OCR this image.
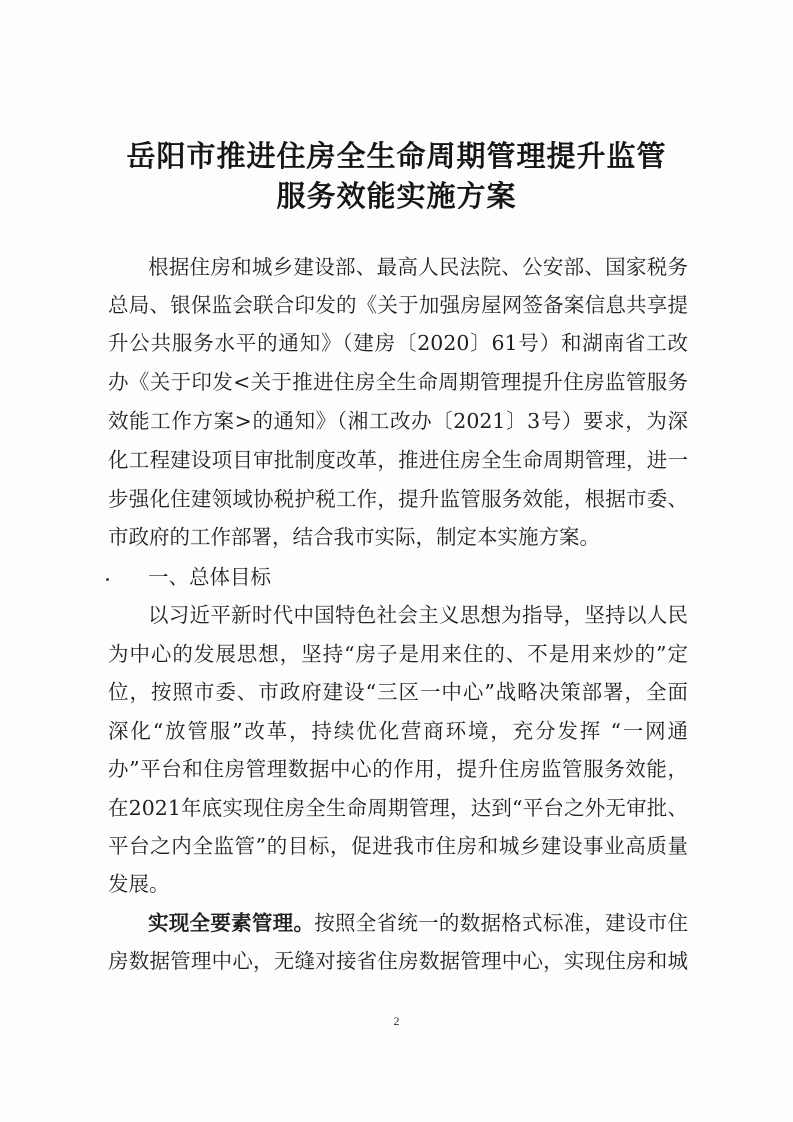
岳阳市推进住房全生命周期管理提升监管
服务效能实施方案
根据住房和城乡建设部、最高人民法院、公安部、国家税务
总局、银保监会联合印发的《关于加强房屋网签备案信息共享提
升公共服务水平的通知》（建房〔2020〕61号）和湖南省工改
办《关于印发<关于推进住房全生命周期管理提升住房监管服务
效能工作方案>的通知》（湘工改办〔2021〕3号）要求，为深
化工程建设项目审批制度改革，推进住房全生命周期管理，进一
步强化住建领域协税护税工作，提升监管服务效能，根据市委、
市政府的工作部署，结合我市实际，制定本实施方案。
一、总体目标
以习近平新时代中国特色社会主义思想为指导，坚持以人民
为中心的发展思想，坚持“房子是用来住的、不是用来炒的”定
位，按照市委、市政府建设“三区一中心”战略决策部署，全面
深化“放管服”改革，持续优化营商环境，充分发挥 “一网通
办”平台和住房管理数据中心的作用，提升住房监管服务效能，
在2021年底实现住房全生命周期管理，达到“平台之外无审批、
平台之内全监管”的目标，促进我市住房和城乡建设事业高质量
发展。
实现全要素管理。按照全省统一的数据格式标准，建设市住
房数据管理中心，无缝对接省住房数据管理中心，实现住房和城
2
